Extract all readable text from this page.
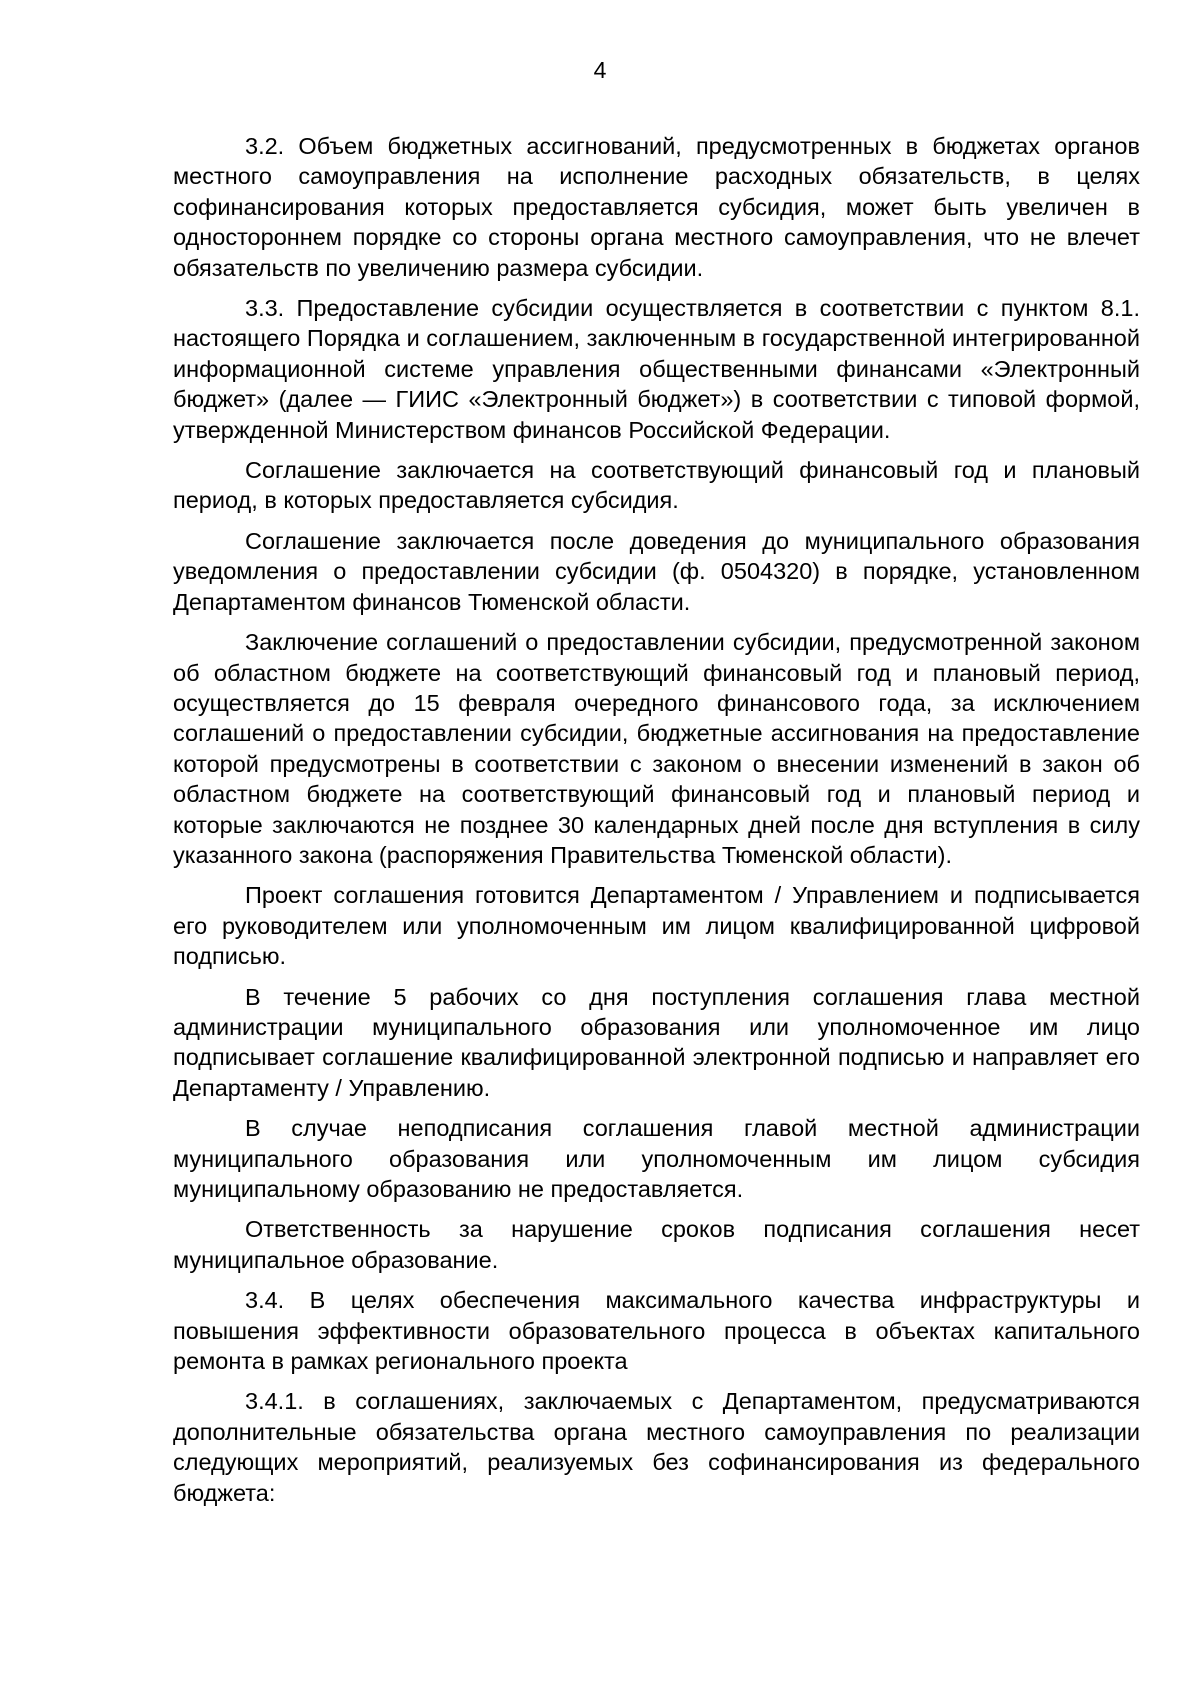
4

3.2. Объем бюджетных ассигнований, предусмотренных в бюджетах органов местного самоуправления на исполнение расходных обязательств, в целях софинансирования которых предоставляется субсидия, может быть увеличен в одностороннем порядке со стороны органа местного самоуправления, что не влечет обязательств по увеличению размера субсидии.

3.3. Предоставление субсидии осуществляется в соответствии с пунктом 8.1. настоящего Порядка и соглашением, заключенным в государственной интегрированной информационной системе управления общественными финансами «Электронный бюджет» (далее — ГИИС «Электронный бюджет») в соответствии с типовой формой, утвержденной Министерством финансов Российской Федерации.

Соглашение заключается на соответствующий финансовый год и плановый период, в которых предоставляется субсидия.

Соглашение заключается после доведения до муниципального образования уведомления о предоставлении субсидии (ф. 0504320) в порядке, установленном Департаментом финансов Тюменской области.

Заключение соглашений о предоставлении субсидии, предусмотренной законом об областном бюджете на соответствующий финансовый год и плановый период, осуществляется до 15 февраля очередного финансового года, за исключением соглашений о предоставлении субсидии, бюджетные ассигнования на предоставление которой предусмотрены в соответствии с законом о внесении изменений в закон об областном бюджете на соответствующий финансовый год и плановый период и которые заключаются не позднее 30 календарных дней после дня вступления в силу указанного закона (распоряжения Правительства Тюменской области).

Проект соглашения готовится Департаментом / Управлением и подписывается его руководителем или уполномоченным им лицом квалифицированной цифровой подписью.

В течение 5 рабочих со дня поступления соглашения глава местной администрации муниципального образования или уполномоченное им лицо подписывает соглашение квалифицированной электронной подписью и направляет его Департаменту / Управлению.

В случае неподписания соглашения главой местной администрации муниципального образования или уполномоченным им лицом субсидия муниципальному образованию не предоставляется.

Ответственность за нарушение сроков подписания соглашения несет муниципальное образование.

3.4. В целях обеспечения максимального качества инфраструктуры и повышения эффективности образовательного процесса в объектах капитального ремонта в рамках регионального проекта

3.4.1. в соглашениях, заключаемых с Департаментом, предусматриваются дополнительные обязательства органа местного самоуправления по реализации следующих мероприятий, реализуемых без софинансирования из федерального бюджета:
